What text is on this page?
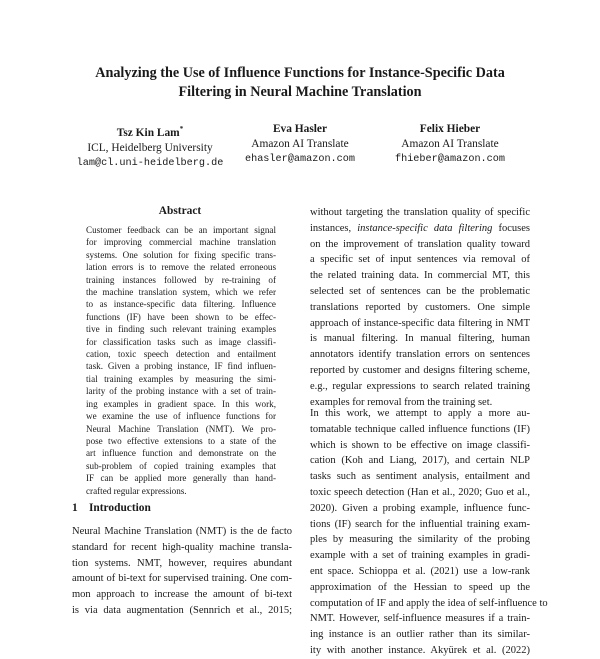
Analyzing the Use of Influence Functions for Instance-Specific Data
Filtering in Neural Machine Translation
Tsz Kin Lam*
ICL, Heidelberg University
lam@cl.uni-heidelberg.de
Eva Hasler
Amazon AI Translate
ehasler@amazon.com
Felix Hieber
Amazon AI Translate
fhieber@amazon.com
Abstract
Customer feedback can be an important signal
for improving commercial machine translation
systems. One solution for fixing specific trans-
lation errors is to remove the related erroneous
training instances followed by re-training of
the machine translation system, which we refer
to as instance-specific data filtering. Influence
functions (IF) have been shown to be effec-
tive in finding such relevant training examples
for classification tasks such as image classifi-
cation, toxic speech detection and entailment
task. Given a probing instance, IF find influen-
tial training examples by measuring the simi-
larity of the probing instance with a set of train-
ing examples in gradient space. In this work,
we examine the use of influence functions for
Neural Machine Translation (NMT). We pro-
pose two effective extensions to a state of the
art influence function and demonstrate on the
sub-problem of copied training examples that
IF can be applied more generally than hand-
crafted regular expressions.
1 Introduction
Neural Machine Translation (NMT) is the de facto
standard for recent high-quality machine transla-
tion systems. NMT, however, requires abundant
amount of bi-text for supervised training. One com-
mon approach to increase the amount of bi-text
is via data augmentation (Sennrich et al., 2015;
without targeting the translation quality of specific
instances, instance-specific data filtering focuses
on the improvement of translation quality toward
a specific set of input sentences via removal of
the related training data. In commercial MT, this
selected set of sentences can be the problematic
translations reported by customers. One simple
approach of instance-specific data filtering in NMT
is manual filtering. In manual filtering, human
annotators identify translation errors on sentences
reported by customer and designs filtering scheme,
e.g., regular expressions to search related training
examples for removal from the training set.
In this work, we attempt to apply a more au-
tomatable technique called influence functions (IF)
which is shown to be effective on image classifi-
cation (Koh and Liang, 2017), and certain NLP
tasks such as sentiment analysis, entailment and
toxic speech detection (Han et al., 2020; Guo et al.,
2020). Given a probing example, influence func-
tions (IF) search for the influential training exam-
ples by measuring the similarity of the probing
example with a set of training examples in gradi-
ent space. Schioppa et al. (2021) use a low-rank
approximation of the Hessian to speed up the
computation of IF and apply the idea of self-influence to
NMT. However, self-influence measures if a train-
ing instance is an outlier rather than its similar-
ity with another instance. Akyürek et al. (2022)
